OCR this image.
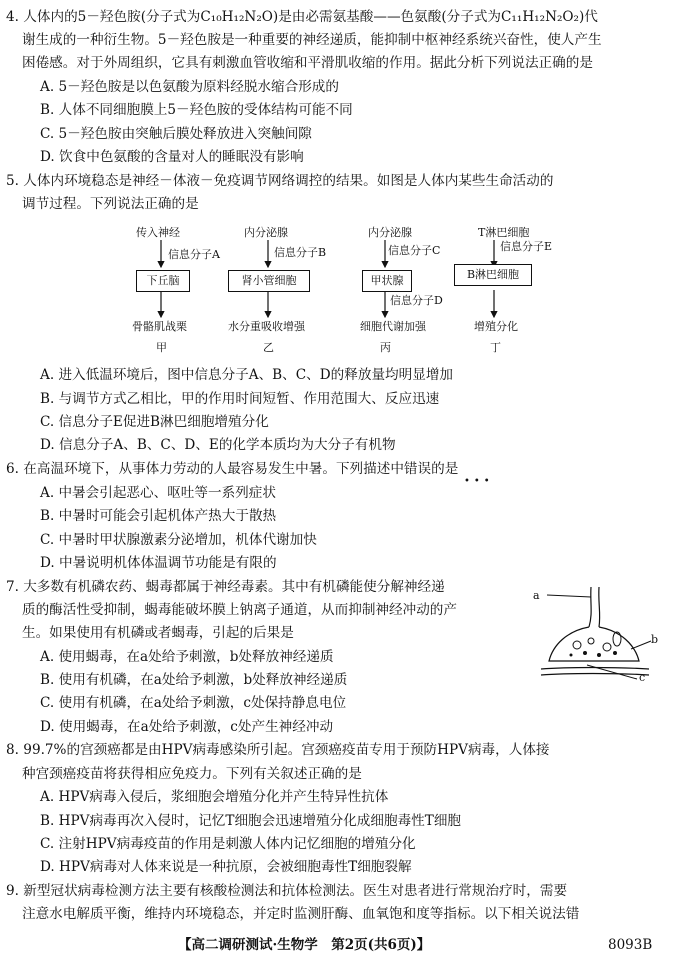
4. 人体内的5－羟色胺(分子式为C₁₀H₁₂N₂O)是由必需氨基酸——色氨酸(分子式为C₁₁H₁₂N₂O₂)代
谢生成的一种衍生物。5－羟色胺是一种重要的神经递质，能抑制中枢神经系统兴奋性，使人产生
困倦感。对于外周组织，它具有刺激血管收缩和平滑肌收缩的作用。据此分析下列说法正确的是
A. 5－羟色胺是以色氨酸为原料经脱水缩合形成的
B. 人体不同细胞膜上5－羟色胺的受体结构可能不同
C. 5－羟色胺由突触后膜处释放进入突触间隙
D. 饮食中色氨酸的含量对人的睡眠没有影响
5. 人体内环境稳态是神经－体液－免疫调节网络调控的结果。如图是人体内某些生命活动的
调节过程。下列说法正确的是
传入神经
信息分子A
下丘脑
骨骼肌战栗
甲
内分泌腺
信息分子B
肾小管细胞
水分重吸收增强
乙
内分泌腺
信息分子C
甲状腺
信息分子D
细胞代谢加强
丙
T淋巴细胞
信息分子E
B淋巴细胞
增殖分化
丁
A. 进入低温环境后，图中信息分子A、B、C、D的释放量均明显增加
B. 与调节方式乙相比，甲的作用时间短暂、作用范围大、反应迅速
C. 信息分子E促进B淋巴细胞增殖分化
D. 信息分子A、B、C、D、E的化学本质均为大分子有机物
6. 在高温环境下，从事体力劳动的人最容易发生中暑。下列描述中错误的是
•••
A. 中暑会引起恶心、呕吐等一系列症状
B. 中暑时可能会引起机体产热大于散热
C. 中暑时甲状腺激素分泌增加，机体代谢加快
D. 中暑说明机体体温调节功能是有限的
7. 大多数有机磷农药、蝎毒都属于神经毒素。其中有机磷能使分解神经递
质的酶活性受抑制，蝎毒能破坏膜上钠离子通道，从而抑制神经冲动的产
生。如果使用有机磷或者蝎毒，引起的后果是
A. 使用蝎毒，在a处给予刺激，b处释放神经递质
B. 使用有机磷，在a处给予刺激，b处释放神经递质
C. 使用有机磷，在a处给予刺激，c处保持静息电位
D. 使用蝎毒，在a处给予刺激，c处产生神经冲动
a
b
c
8. 99.7%的宫颈癌都是由HPV病毒感染所引起。宫颈癌疫苗专用于预防HPV病毒，人体接
种宫颈癌疫苗将获得相应免疫力。下列有关叙述正确的是
A. HPV病毒入侵后，浆细胞会增殖分化并产生特异性抗体
B. HPV病毒再次入侵时，记忆T细胞会迅速增殖分化成细胞毒性T细胞
C. 注射HPV病毒疫苗的作用是刺激人体内记忆细胞的增殖分化
D. HPV病毒对人体来说是一种抗原，会被细胞毒性T细胞裂解
9. 新型冠状病毒检测方法主要有核酸检测法和抗体检测法。医生对患者进行常规治疗时，需要
注意水电解质平衡，维持内环境稳态，并定时监测肝酶、血氧饱和度等指标。以下相关说法错
【高二调研测试·生物学　第2页(共6页)】	8093B
